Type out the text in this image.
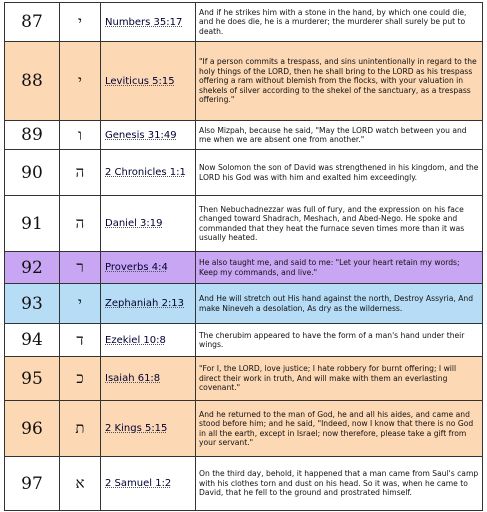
87	י	Numbers 35:17	And if he strikes him with a stone in the hand, by which one could die, and he does die, he is a murderer; the murderer shall surely be put to death.
88	י	Leviticus 5:15	"If a person commits a trespass, and sins unintentionally in regard to the holy things of the LORD, then he shall bring to the LORD as his trespass offering a ram without blemish from the flocks, with your valuation in shekels of silver according to the shekel of the sanctuary, as a trespass offering."
89	ו	Genesis 31:49	Also Mizpah, because he said, "May the LORD watch between you and me when we are absent one from another."
90	ה	2 Chronicles 1:1	Now Solomon the son of David was strengthened in his kingdom, and the LORD his God was with him and exalted him exceedingly.
91	ה	Daniel 3:19	Then Nebuchadnezzar was full of fury, and the expression on his face changed toward Shadrach, Meshach, and Abed-Nego. He spoke and commanded that they heat the furnace seven times more than it was usually heated.
92	ר	Proverbs 4:4	He also taught me, and said to me: "Let your heart retain my words; Keep my commands, and live."
93	י	Zephaniah 2:13	And He will stretch out His hand against the north, Destroy Assyria, And make Nineveh a desolation, As dry as the wilderness.
94	ד	Ezekiel 10:8	The cherubim appeared to have the form of a man's hand under their wings.
95	כ	Isaiah 61:8	"For I, the LORD, love justice; I hate robbery for burnt offering; I will direct their work in truth, And will make with them an everlasting covenant."
96	ת	2 Kings 5:15	And he returned to the man of God, he and all his aides, and came and stood before him; and he said, "Indeed, now I know that there is no God in all the earth, except in Israel; now therefore, please take a gift from your servant."
97	א	2 Samuel 1:2	On the third day, behold, it happened that a man came from Saul's camp with his clothes torn and dust on his head. So it was, when he came to David, that he fell to the ground and prostrated himself.
